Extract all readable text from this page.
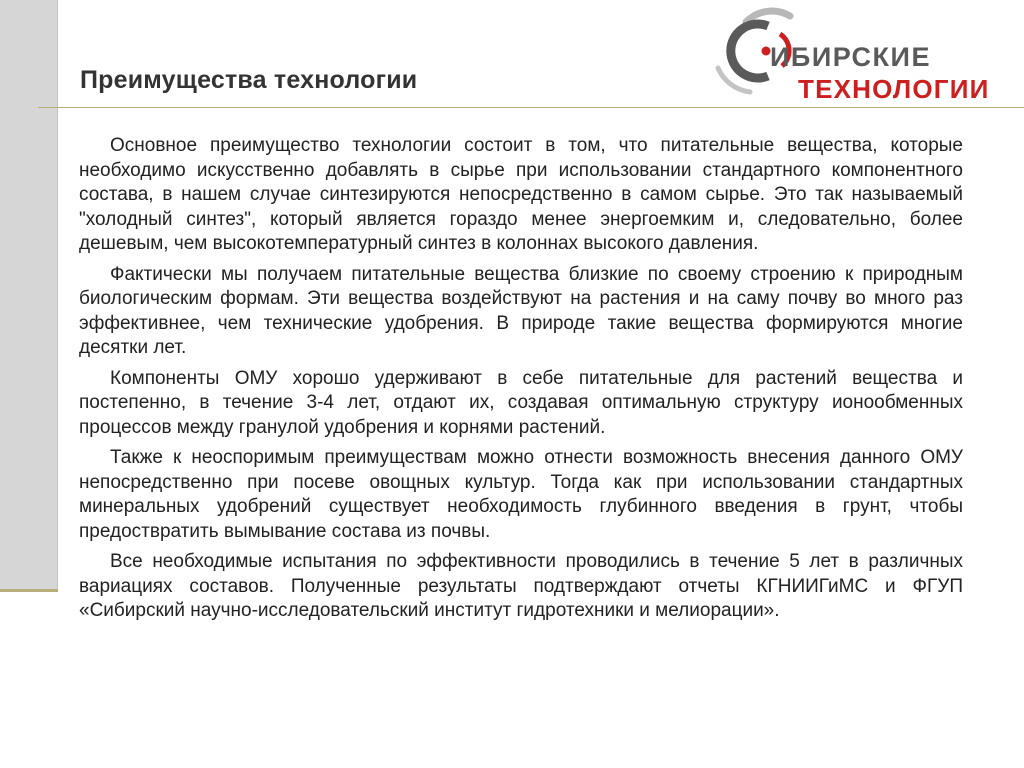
Преимущества технологии
ИБИРСКИЕ
ТЕХНОЛОГИИ

Основное преимущество технологии состоит в том, что питательные вещества, которые необходимо искусственно добавлять в сырье при использовании стандартного компонентного состава, в нашем случае синтезируются непосредственно в самом сырье. Это так называемый "холодный синтез", который является гораздо менее энергоемким и, следовательно, более дешевым, чем высокотемпературный синтез в колоннах высокого давления.

Фактически мы получаем питательные вещества близкие по своему строению к природным биологическим формам. Эти вещества воздействуют на растения и на саму почву во много раз эффективнее, чем технические удобрения. В природе такие вещества формируются многие десятки лет.

Компоненты ОМУ хорошо удерживают в себе питательные для растений вещества и постепенно, в течение 3-4 лет, отдают их, создавая оптимальную структуру ионообменных процессов между гранулой удобрения и корнями растений.

Также к неоспоримым преимуществам можно отнести возможность внесения данного ОМУ непосредственно при посеве овощных культур. Тогда как при использовании стандартных минеральных удобрений существует необходимость глубинного введения в грунт, чтобы предоствратить вымывание состава из почвы.

Все необходимые испытания по эффективности проводились в течение 5 лет в различных вариациях составов. Полученные результаты подтверждают отчеты КГНИИГиМС и ФГУП «Сибирский научно-исследовательский институт гидротехники и мелиорации».
